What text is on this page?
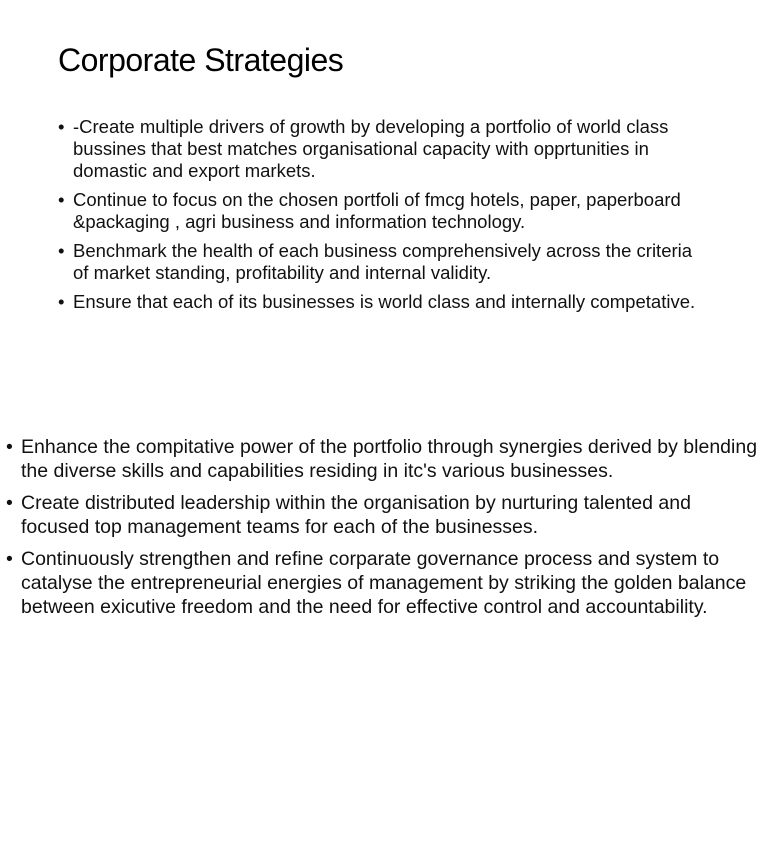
Corporate Strategies
• -Create multiple drivers of growth by developing a portfolio of world class bussines that best matches organisational capacity with opprtunities in domastic and export markets.
• Continue to focus on the chosen portfoli of fmcg hotels, paper, paperboard &packaging , agri business and information technology.
• Benchmark the health of each business comprehensively across the criteria of market standing, profitability and internal validity.
• Ensure that each of its businesses is world class and internally competative.
• Enhance the compitative power of the portfolio through synergies derived by blending the diverse skills and capabilities residing in itc's various businesses.
• Create distributed leadership within the organisation by nurturing talented and focused top management teams for each of the businesses.
• Continuously strengthen and refine corparate governance process and system to catalyse the entrepreneurial energies of management by striking the golden balance between exicutive freedom and the need for effective control and accountability.
